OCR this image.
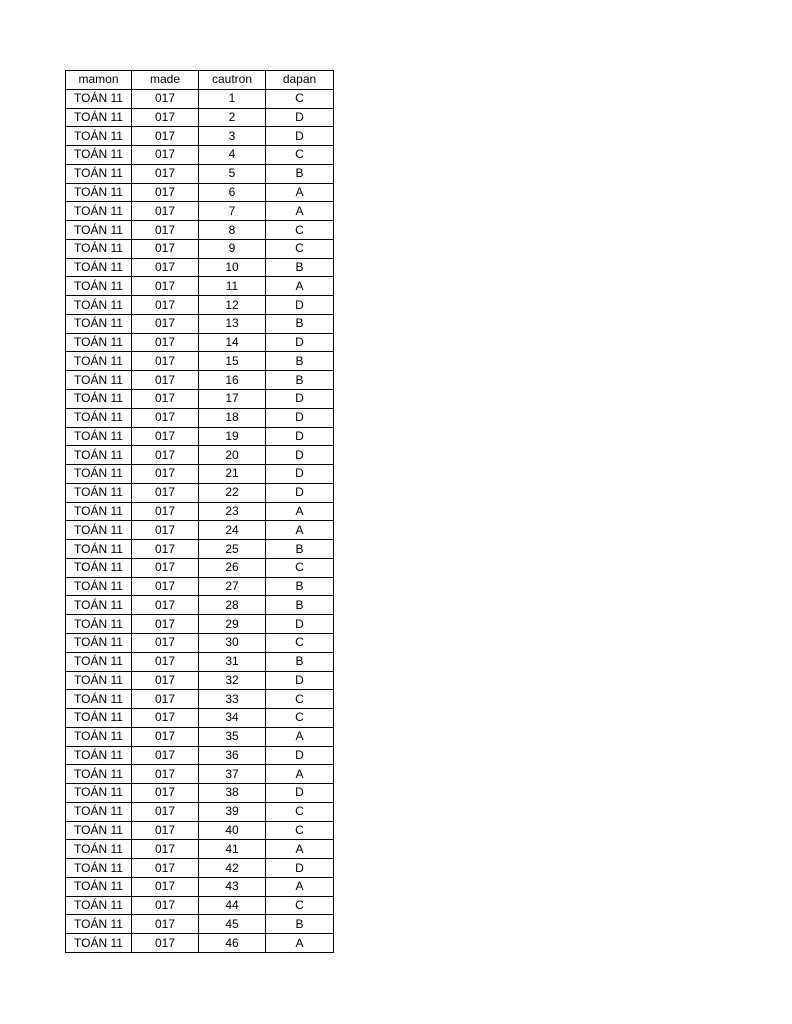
mamon	made	cautron	dapan
TOÁN 11	017	1	C
TOÁN 11	017	2	D
TOÁN 11	017	3	D
TOÁN 11	017	4	C
TOÁN 11	017	5	B
TOÁN 11	017	6	A
TOÁN 11	017	7	A
TOÁN 11	017	8	C
TOÁN 11	017	9	C
TOÁN 11	017	10	B
TOÁN 11	017	11	A
TOÁN 11	017	12	D
TOÁN 11	017	13	B
TOÁN 11	017	14	D
TOÁN 11	017	15	B
TOÁN 11	017	16	B
TOÁN 11	017	17	D
TOÁN 11	017	18	D
TOÁN 11	017	19	D
TOÁN 11	017	20	D
TOÁN 11	017	21	D
TOÁN 11	017	22	D
TOÁN 11	017	23	A
TOÁN 11	017	24	A
TOÁN 11	017	25	B
TOÁN 11	017	26	C
TOÁN 11	017	27	B
TOÁN 11	017	28	B
TOÁN 11	017	29	D
TOÁN 11	017	30	C
TOÁN 11	017	31	B
TOÁN 11	017	32	D
TOÁN 11	017	33	C
TOÁN 11	017	34	C
TOÁN 11	017	35	A
TOÁN 11	017	36	D
TOÁN 11	017	37	A
TOÁN 11	017	38	D
TOÁN 11	017	39	C
TOÁN 11	017	40	C
TOÁN 11	017	41	A
TOÁN 11	017	42	D
TOÁN 11	017	43	A
TOÁN 11	017	44	C
TOÁN 11	017	45	B
TOÁN 11	017	46	A
